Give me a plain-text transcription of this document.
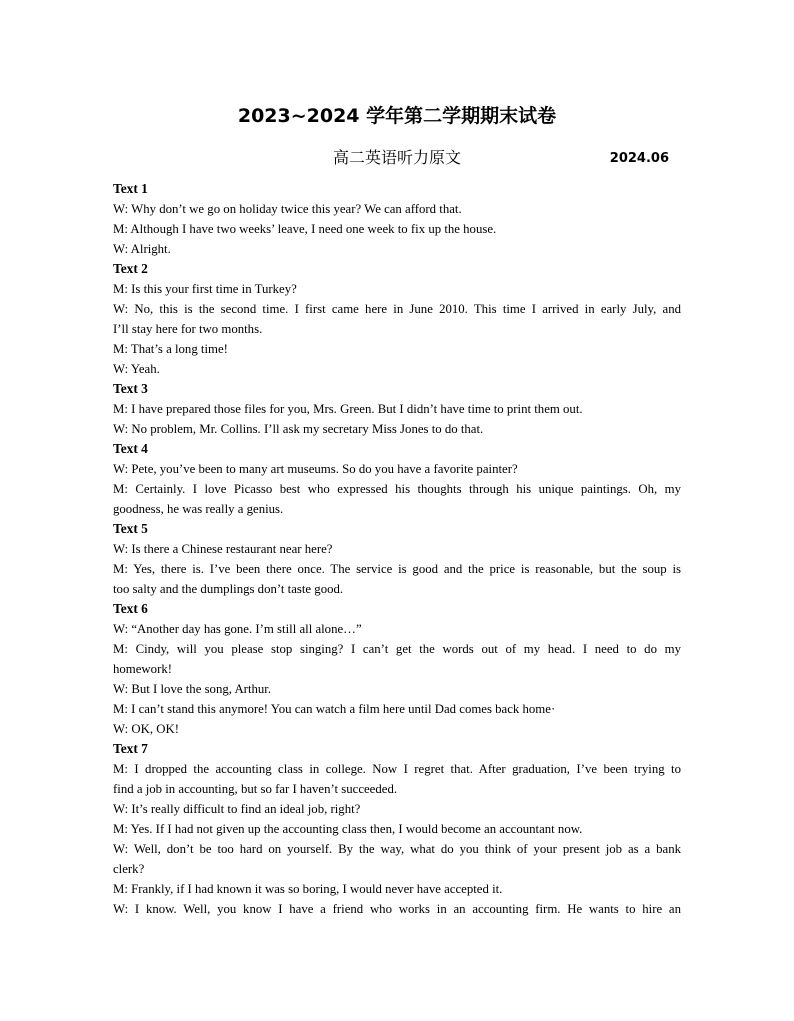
2023~2024 学年第二学期期末试卷
高二英语听力原文	2024.06
Text 1
W: Why don’t we go on holiday twice this year? We can afford that.
M: Although I have two weeks’ leave, I need one week to fix up the house.
W: Alright.
Text 2
M: Is this your first time in Turkey?
W: No, this is the second time. I first came here in June 2010. This time I arrived in early July, and
I’ll stay here for two months.
M: That’s a long time!
W: Yeah.
Text 3
M: I have prepared those files for you, Mrs. Green. But I didn’t have time to print them out.
W: No problem, Mr. Collins. I’ll ask my secretary Miss Jones to do that.
Text 4
W: Pete, you’ve been to many art museums. So do you have a favorite painter?
M: Certainly. I love Picasso best who expressed his thoughts through his unique paintings. Oh, my
goodness, he was really a genius.
Text 5
W: Is there a Chinese restaurant near here?
M: Yes, there is. I’ve been there once. The service is good and the price is reasonable, but the soup is
too salty and the dumplings don’t taste good.
Text 6
W: “Another day has gone. I’m still all alone…”
M: Cindy, will you please stop singing? I can’t get the words out of my head. I need to do my
homework!
W: But I love the song, Arthur.
M: I can’t stand this anymore! You can watch a film here until Dad comes back home·
W: OK, OK!
Text 7
M: I dropped the accounting class in college. Now I regret that. After graduation, I’ve been trying to
find a job in accounting, but so far I haven’t succeeded.
W: It’s really difficult to find an ideal job, right?
M: Yes. If I had not given up the accounting class then, I would become an accountant now.
W: Well, don’t be too hard on yourself. By the way, what do you think of your present job as a bank
clerk?
M: Frankly, if I had known it was so boring, I would never have accepted it.
W: I know. Well, you know I have a friend who works in an accounting firm. He wants to hire an
